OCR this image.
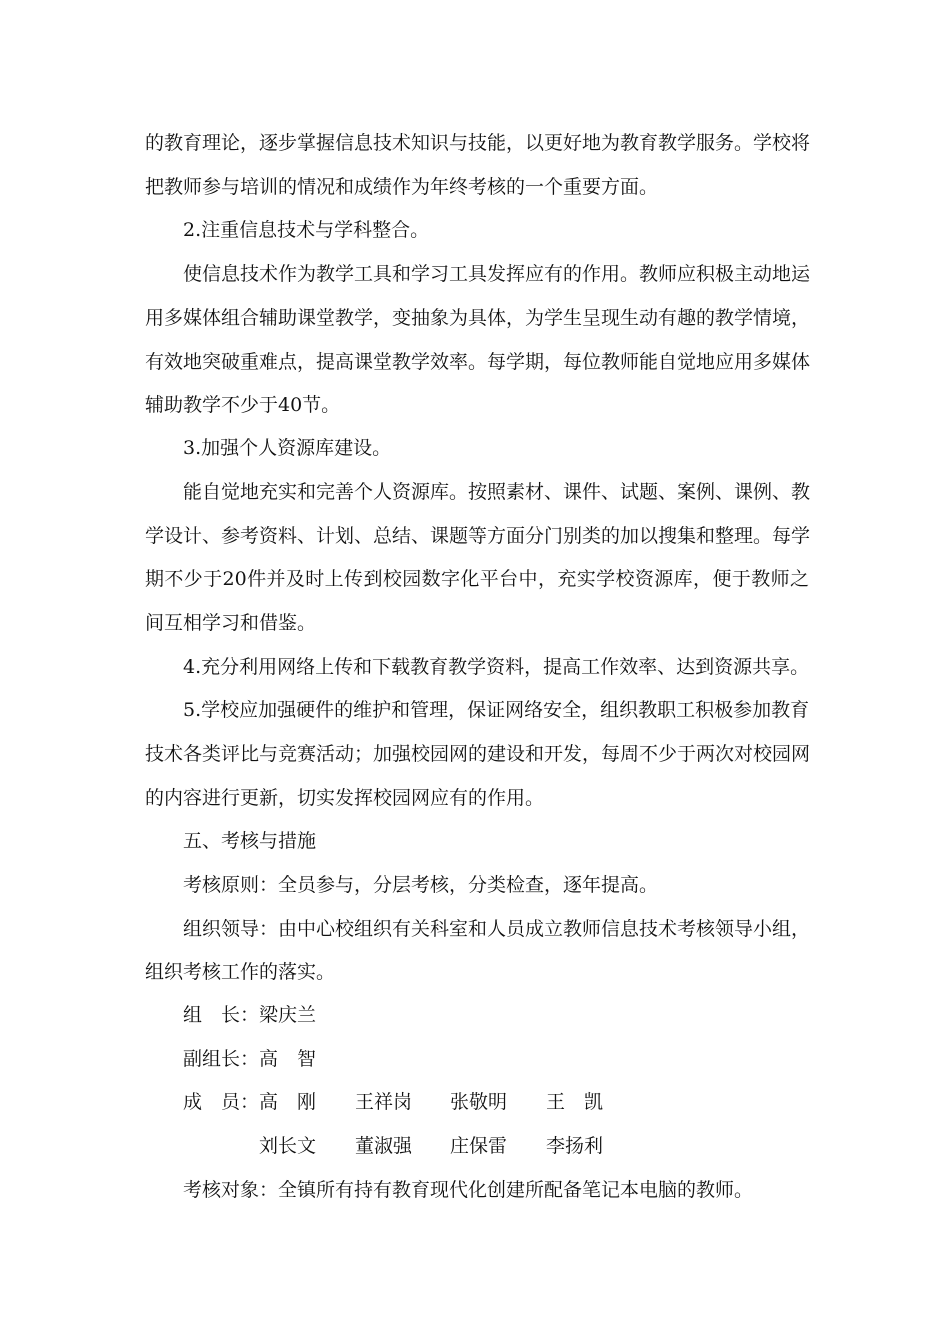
的教育理论，逐步掌握信息技术知识与技能，以更好地为教育教学服务。学校将
把教师参与培训的情况和成绩作为年终考核的一个重要方面。
2.注重信息技术与学科整合。
使信息技术作为教学工具和学习工具发挥应有的作用。教师应积极主动地运
用多媒体组合辅助课堂教学，变抽象为具体，为学生呈现生动有趣的教学情境，
有效地突破重难点，提高课堂教学效率。每学期，每位教师能自觉地应用多媒体
辅助教学不少于40节。
3.加强个人资源库建设。
能自觉地充实和完善个人资源库。按照素材、课件、试题、案例、课例、教
学设计、参考资料、计划、总结、课题等方面分门别类的加以搜集和整理。每学
期不少于20件并及时上传到校园数字化平台中，充实学校资源库，便于教师之
间互相学习和借鉴。
4.充分利用网络上传和下载教育教学资料，提高工作效率、达到资源共享。
5.学校应加强硬件的维护和管理，保证网络安全，组织教职工积极参加教育
技术各类评比与竞赛活动；加强校园网的建设和开发，每周不少于两次对校园网
的内容进行更新，切实发挥校园网应有的作用。
五、考核与措施
考核原则：全员参与，分层考核，分类检查，逐年提高。
组织领导：由中心校组织有关科室和人员成立教师信息技术考核领导小组，
组织考核工作的落实。
组　长： 梁庆兰
副组长： 高　智
成　员： 高　刚 王祥岗 张敬明 王　凯
刘长文 董淑强 庄保雷 李扬利
考核对象：全镇所有持有教育现代化创建所配备笔记本电脑的教师。
